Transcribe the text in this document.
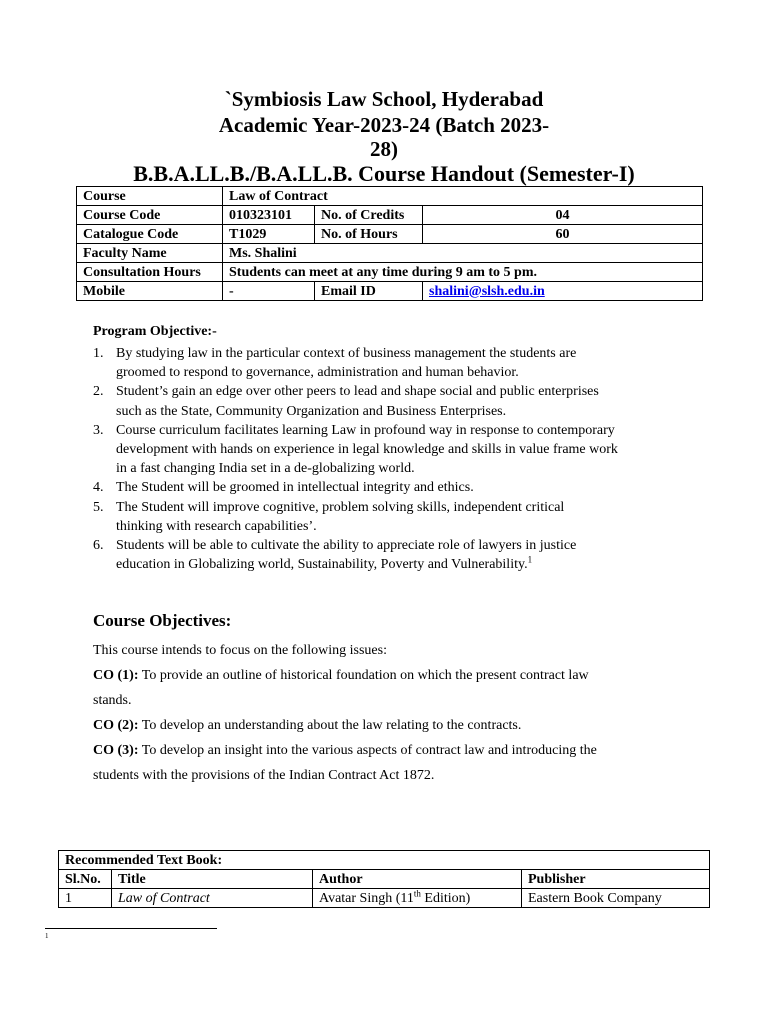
`Symbiosis Law School, Hyderabad
Academic Year-2023-24 (Batch 2023-
28)
B.B.A.LL.B./B.A.LL.B. Course Handout (Semester-I)
Course	Law of Contract		
Course Code	010323101	No. of Credits	04
Catalogue Code	T1029	No. of Hours	60
Faculty Name	Ms. Shalini		
Consultation Hours	Students can meet at any time during 9 am to 5 pm.		
Mobile	-	Email ID	shalini@slsh.edu.in
Program Objective:-
1. By studying law in the particular context of business management the students are
groomed to respond to governance, administration and human behavior.
2. Student’s gain an edge over other peers to lead and shape social and public enterprises
such as the State, Community Organization and Business Enterprises.
3. Course curriculum facilitates learning Law in profound way in response to contemporary
development with hands on experience in legal knowledge and skills in value frame work
in a fast changing India set in a de-globalizing world.
4. The Student will be groomed in intellectual integrity and ethics.
5. The Student will improve cognitive, problem solving skills, independent critical
thinking with research capabilities’.
6. Students will be able to cultivate the ability to appreciate role of lawyers in justice
education in Globalizing world, Sustainability, Poverty and Vulnerability.$^1$
Course Objectives:

This course intends to focus on the following issues:

CO (1): To provide an outline of historical foundation on which the present contract law

stands.

CO (2): To develop an understanding about the law relating to the contracts.

CO (3): To develop an insight into the various aspects of contract law and introducing the

students with the provisions of the Indian Contract Act 1872.

Recommended Text Book:			
Sl.No.	Title	Author	Publisher
1	Law of Contract	Avatar Singh (11th Edition)	Eastern Book Company
1
